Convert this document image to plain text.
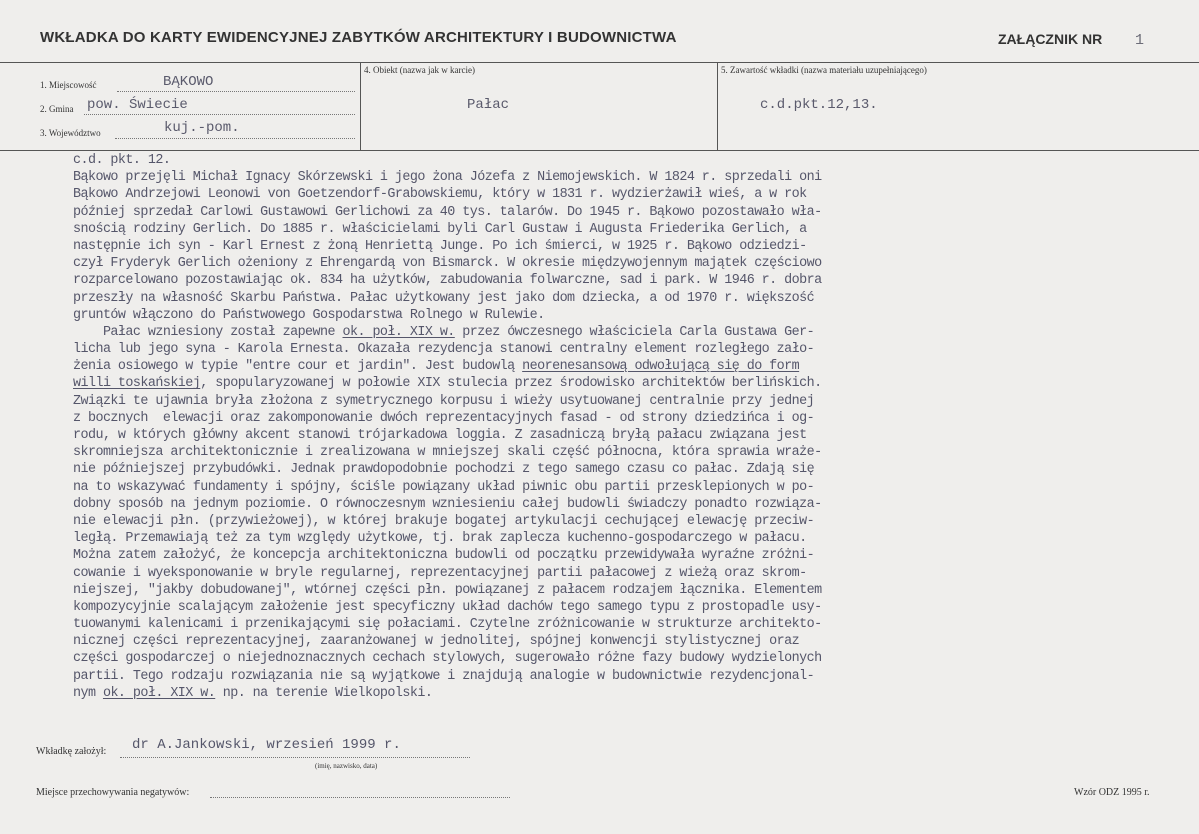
WKŁADKA DO KARTY EWIDENCYJNEJ ZABYTKÓW ARCHITEKTURY I BUDOWNICTWA	ZAŁĄCZNIK NR 1
1. Miejscowość	BĄKOWO
2. Gmina pow. Świecie
3. Województwo	kuj.-pom.
4. Obiekt (nazwa jak w karcie)
Pałac
5. Zawartość wkładki (nazwa materiału uzupełniającego)
c.d.pkt.12,13.
c.d. pkt. 12.
Bąkowo przejęli Michał Ignacy Skórzewski i jego żona Józefa z Niemojewskich. W 1824 r. sprzedali oni
Bąkowo Andrzejowi Leonowi von Goetzendorf-Grabowskiemu, który w 1831 r. wydzierżawił wieś, a w rok
później sprzedał Carlowi Gustawowi Gerlichowi za 40 tys. talarów. Do 1945 r. Bąkowo pozostawało wła-
snością rodziny Gerlich. Do 1885 r. właścicielami byli Carl Gustaw i Augusta Friederika Gerlich, a
następnie ich syn - Karl Ernest z żoną Henriettą Junge. Po ich śmierci, w 1925 r. Bąkowo odziedzi-
czył Fryderyk Gerlich ożeniony z Ehrengardą von Bismarck. W okresie międzywojennym majątek częściowo
rozparcelowano pozostawiając ok. 834 ha użytków, zabudowania folwarczne, sad i park. W 1946 r. dobra
przeszły na własność Skarbu Państwa. Pałac użytkowany jest jako dom dziecka, a od 1970 r. większość
gruntów włączono do Państwowego Gospodarstwa Rolnego w Rulewie.
Pałac wzniesiony został zapewne ok. poł. XIX w. przez ówczesnego właściciela Carla Gustawa Ger-
licha lub jego syna - Karola Ernesta. Okazała rezydencja stanowi centralny element rozległego zało-
żenia osiowego w typie "entre cour et jardin". Jest budowlą neorenesansową odwołującą się do form
willi toskańskiej, spopularyzowanej w połowie XIX stulecia przez środowisko architektów berlińskich.
Związki te ujawnia bryła złożona z symetrycznego korpusu i wieży usytuowanej centralnie przy jednej
z bocznych  elewacji oraz zakomponowanie dwóch reprezentacyjnych fasad - od strony dziedzińca i og-
rodu, w których główny akcent stanowi trójarkadowa loggia. Z zasadniczą bryłą pałacu związana jest
skromniejsza architektonicznie i zrealizowana w mniejszej skali część północna, która sprawia wraże-
nie późniejszej przybudówki. Jednak prawdopodobnie pochodzi z tego samego czasu co pałac. Zdają się
na to wskazywać fundamenty i spójny, ściśle powiązany układ piwnic obu partii przesklepionych w po-
dobny sposób na jednym poziomie. O równoczesnym wzniesieniu całej budowli świadczy ponadto rozwiąza-
nie elewacji płn. (przywieżowej), w której brakuje bogatej artykulacji cechującej elewację przeciw-
ległą. Przemawiają też za tym względy użytkowe, tj. brak zaplecza kuchenno-gospodarczego w pałacu.
Można zatem założyć, że koncepcja architektoniczna budowli od początku przewidywała wyraźne zróżni-
cowanie i wyeksponowanie w bryle regularnej, reprezentacyjnej partii pałacowej z wieżą oraz skrom-
niejszej, "jakby dobudowanej", wtórnej części płn. powiązanej z pałacem rodzajem łącznika. Elementem
kompozycyjnie scalającym założenie jest specyficzny układ dachów tego samego typu z prostopadle usy-
tuowanymi kalenicami i przenikającymi się połaciami. Czytelne zróżnicowanie w strukturze architekto-
nicznej części reprezentacyjnej, zaaranżowanej w jednolitej, spójnej konwencji stylistycznej oraz
części gospodarczej o niejednoznacznych cechach stylowych, sugerowało różne fazy budowy wydzielonych
partii. Tego rodzaju rozwiązania nie są wyjątkowe i znajdują analogie w budownictwie rezydencjonal-
nym ok. poł. XIX w. np. na terenie Wielkopolski.
Wkładkę założył: dr A.Jankowski, wrzesień 1999 r.
(imię, nazwisko, data)
Miejsce przechowywania negatywów:	Wzór ODZ 1995 r.
